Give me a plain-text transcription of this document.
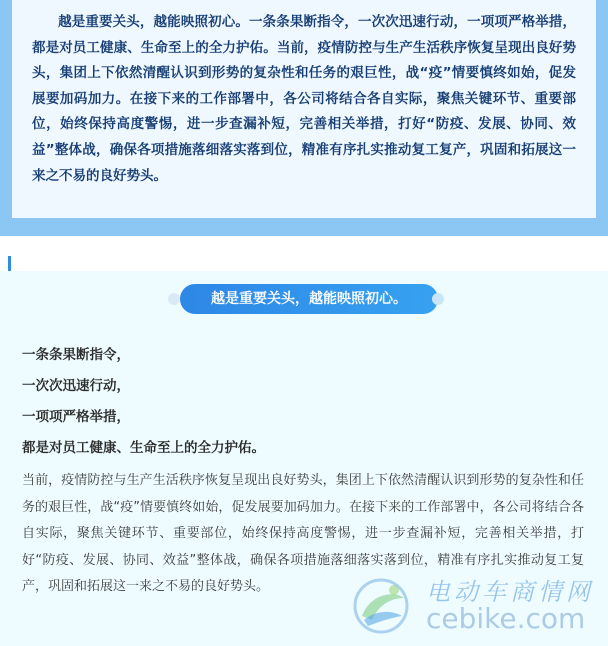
越是重要关头，越能映照初心。一条条果断指令，一次次迅速行动，一项项严格举措，都是对员工健康、生命至上的全力护佑。当前，疫情防控与生产生活秩序恢复呈现出良好势头，集团上下依然清醒认识到形势的复杂性和任务的艰巨性，战“疫”情要慎终如始，促发展要加码加力。在接下来的工作部署中，各公司将结合各自实际，聚焦关键环节、重要部位，始终保持高度警惕，进一步查漏补短，完善相关举措，打好“防疫、发展、协同、效益”整体战，确保各项措施落细落实落到位，精准有序扎实推动复工复产，巩固和拓展这一来之不易的良好势头。

越是重要关头，越能映照初心。
一条条果断指令，
一次次迅速行动，
一项项严格举措，
都是对员工健康、生命至上的全力护佑。

当前，疫情防控与生产生活秩序恢复呈现出良好势头，集团上下依然清醒认识到形势的复杂性和任务的艰巨性，战“疫”情要慎终如始，促发展要加码加力。在接下来的工作部署中，各公司将结合各自实际，聚焦关键环节、重要部位，始终保持高度警惕，进一步查漏补短，完善相关举措，打好“防疫、发展、协同、效益”整体战，确保各项措施落细落实落到位，精准有序扎实推动复工复产，巩固和拓展这一来之不易的良好势头。	电动车商情网
cebike.com
